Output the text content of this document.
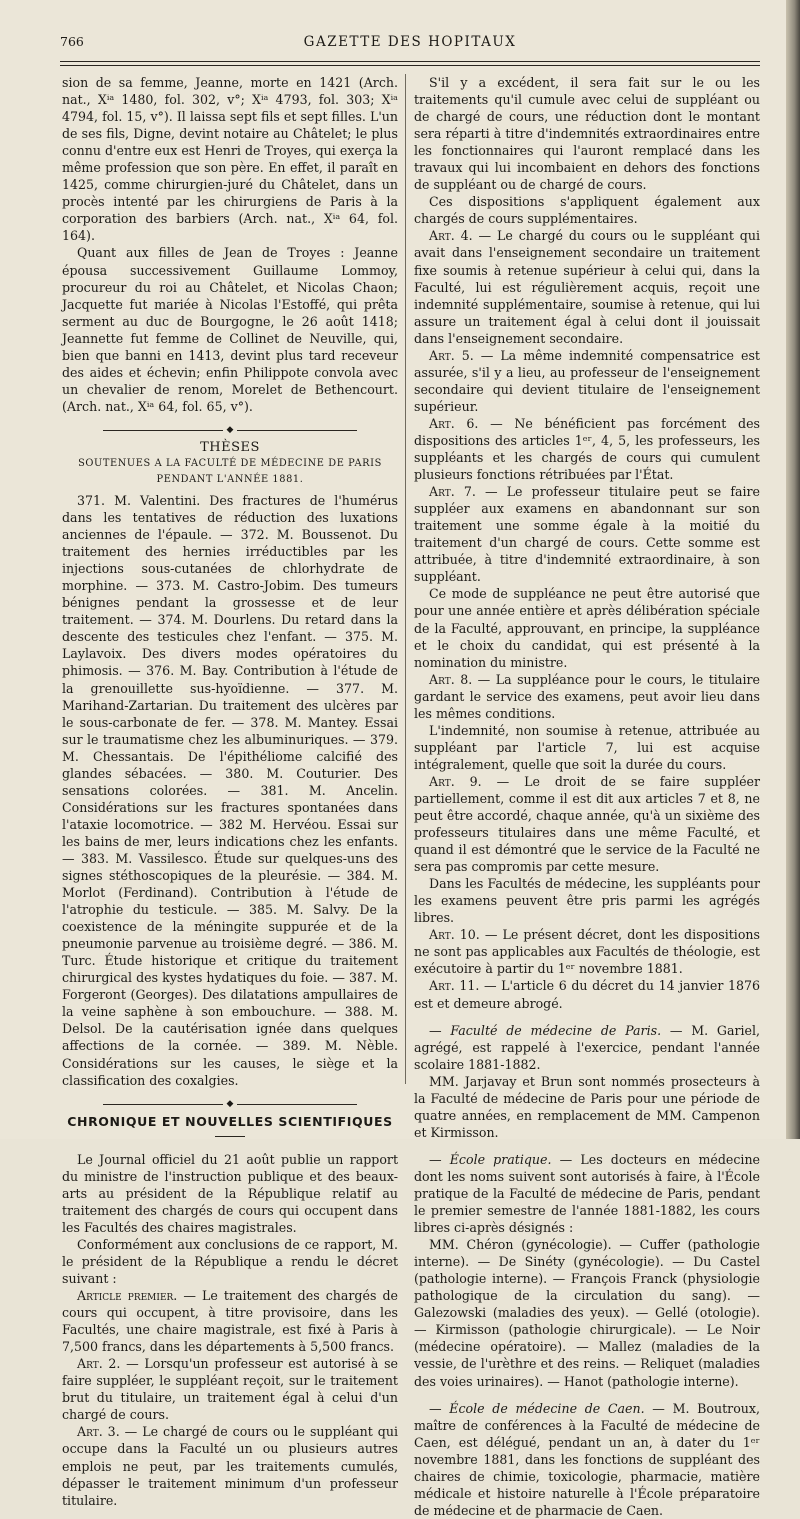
766	GAZETTE DES HOPITAUX

sion de sa femme, Jeanne, morte en 1421 (Arch. nat., Xⁱᵃ 1480, fol. 302, v°; Xⁱᵃ 4793, fol. 303; Xⁱᵃ 4794, fol. 15, v°). Il laissa sept fils et sept filles. L'un de ses fils, Digne, devint notaire au Châtelet; le plus connu d'entre eux est Henri de Troyes, qui exerça la même profession que son père. En effet, il paraît en 1425, comme chirurgien-juré du Châtelet, dans un procès intenté par les chirurgiens de Paris à la corporation des barbiers (Arch. nat., Xⁱᵃ 64, fol. 164).

Quant aux filles de Jean de Troyes : Jeanne épousa successivement Guillaume Lommoy, procureur du roi au Châtelet, et Nicolas Chaon; Jacquette fut mariée à Nicolas l'Estoffé, qui prêta serment au duc de Bourgogne, le 26 août 1418; Jeannette fut femme de Collinet de Neuville, qui, bien que banni en 1413, devint plus tard receveur des aides et échevin; enfin Philippote convola avec un chevalier de renom, Morelet de Bethencourt. (Arch. nat., Xⁱᵃ 64, fol. 65, v°).

◆
THÈSES
SOUTENUES A LA FACULTÉ DE MÉDECINE DE PARIS
PENDANT L'ANNÉE 1881.

371. M. Valentini. Des fractures de l'humérus dans les tentatives de réduction des luxations anciennes de l'épaule. — 372. M. Boussenot. Du traitement des hernies irréductibles par les injections sous-cutanées de chlorhydrate de morphine. — 373. M. Castro-Jobim. Des tumeurs bénignes pendant la grossesse et de leur traitement. — 374. M. Dourlens. Du retard dans la descente des testicules chez l'enfant. — 375. M. Laylavoix. Des divers modes opératoires du phimosis. — 376. M. Bay. Contribution à l'étude de la grenouillette sus-hyoïdienne. — 377. M. Marihand-Zartarian. Du traitement des ulcères par le sous-carbonate de fer. — 378. M. Mantey. Essai sur le traumatisme chez les albuminuriques. — 379. M. Chessantais. De l'épithéliome calcifié des glandes sébacées. — 380. M. Couturier. Des sensations colorées. — 381. M. Ancelin. Considérations sur les fractures spontanées dans l'ataxie locomotrice. — 382 M. Hervéou. Essai sur les bains de mer, leurs indications chez les enfants. — 383. M. Vassilesco. Étude sur quelques-uns des signes stéthoscopiques de la pleurésie. — 384. M. Morlot (Ferdinand). Contribution à l'étude de l'atrophie du testicule. — 385. M. Salvy. De la coexistence de la méningite suppurée et de la pneumonie parvenue au troisième degré. — 386. M. Turc. Étude historique et critique du traitement chirurgical des kystes hydatiques du foie. — 387. M. Forgeront (Georges). Des dilatations ampullaires de la veine saphène à son embouchure. — 388. M. Delsol. De la cautérisation ignée dans quelques affections de la cornée. — 389. M. Nèble. Considérations sur les causes, le siège et la classification des coxalgies.

◆
CHRONIQUE ET NOUVELLES SCIENTIFIQUES

Le Journal officiel du 21 août publie un rapport du ministre de l'instruction publique et des beaux-arts au président de la République relatif au traitement des chargés de cours qui occupent dans les Facultés des chaires magistrales.

Conformément aux conclusions de ce rapport, M. le président de la République a rendu le décret suivant :

Article premier. — Le traitement des chargés de cours qui occupent, à titre provisoire, dans les Facultés, une chaire magistrale, est fixé à Paris à 7,500 francs, dans les départements à 5,500 francs.

Art. 2. — Lorsqu'un professeur est autorisé à se faire suppléer, le suppléant reçoit, sur le traitement brut du titulaire, un traitement égal à celui d'un chargé de cours.

Art. 3. — Le chargé de cours ou le suppléant qui occupe dans la Faculté un ou plusieurs autres emplois ne peut, par les traitements cumulés, dépasser le traitement minimum d'un professeur titulaire.

S'il y a excédent, il sera fait sur le ou les traitements qu'il cumule avec celui de suppléant ou de chargé de cours, une réduction dont le montant sera réparti à titre d'indemnités extraordinaires entre les fonctionnaires qui l'auront remplacé dans les travaux qui lui incombaient en dehors des fonctions de suppléant ou de chargé de cours.

Ces dispositions s'appliquent également aux chargés de cours supplémentaires.

Art. 4. — Le chargé du cours ou le suppléant qui avait dans l'enseignement secondaire un traitement fixe soumis à retenue supérieur à celui qui, dans la Faculté, lui est régulièrement acquis, reçoit une indemnité supplémentaire, soumise à retenue, qui lui assure un traitement égal à celui dont il jouissait dans l'enseignement secondaire.

Art. 5. — La même indemnité compensatrice est assurée, s'il y a lieu, au professeur de l'enseignement secondaire qui devient titulaire de l'enseignement supérieur.

Art. 6. — Ne bénéficient pas forcément des dispositions des articles 1ᵉʳ, 4, 5, les professeurs, les suppléants et les chargés de cours qui cumulent plusieurs fonctions rétribuées par l'État.

Art. 7. — Le professeur titulaire peut se faire suppléer aux examens en abandonnant sur son traitement une somme égale à la moitié du traitement d'un chargé de cours. Cette somme est attribuée, à titre d'indemnité extraordinaire, à son suppléant.

Ce mode de suppléance ne peut être autorisé que pour une année entière et après délibération spéciale de la Faculté, approuvant, en principe, la suppléance et le choix du candidat, qui est présenté à la nomination du ministre.

Art. 8. — La suppléance pour le cours, le titulaire gardant le service des examens, peut avoir lieu dans les mêmes conditions.

L'indemnité, non soumise à retenue, attribuée au suppléant par l'article 7, lui est acquise intégralement, quelle que soit la durée du cours.

Art. 9. — Le droit de se faire suppléer partiellement, comme il est dit aux articles 7 et 8, ne peut être accordé, chaque année, qu'à un sixième des professeurs titulaires dans une même Faculté, et quand il est démontré que le service de la Faculté ne sera pas compromis par cette mesure.

Dans les Facultés de médecine, les suppléants pour les examens peuvent être pris parmi les agrégés libres.

Art. 10. — Le présent décret, dont les dispositions ne sont pas applicables aux Facultés de théologie, est exécutoire à partir du 1ᵉʳ novembre 1881.

Art. 11. — L'article 6 du décret du 14 janvier 1876 est et demeure abrogé.

— Faculté de médecine de Paris. — M. Gariel, agrégé, est rappelé à l'exercice, pendant l'année scolaire 1881-1882.

MM. Jarjavay et Brun sont nommés prosecteurs à la Faculté de médecine de Paris pour une période de quatre années, en remplacement de MM. Campenon et Kirmisson.

— École pratique. — Les docteurs en médecine dont les noms suivent sont autorisés à faire, à l'École pratique de la Faculté de médecine de Paris, pendant le premier semestre de l'année 1881-1882, les cours libres ci-après désignés :

MM. Chéron (gynécologie). — Cuffer (pathologie interne). — De Sinéty (gynécologie). — Du Castel (pathologie interne). — François Franck (physiologie pathologique de la circulation du sang). — Galezowski (maladies des yeux). — Gellé (otologie). — Kirmisson (pathologie chirurgicale). — Le Noir (médecine opératoire). — Mallez (maladies de la vessie, de l'urèthre et des reins. — Reliquet (maladies des voies urinaires). — Hanot (pathologie interne).

— École de médecine de Caen. — M. Boutroux, maître de conférences à la Faculté de médecine de Caen, est délégué, pendant un an, à dater du 1ᵉʳ novembre 1881, dans les fonctions de suppléant des chaires de chimie, toxicologie, pharmacie, matière médicale et histoire naturelle à l'École préparatoire de médecine et de pharmacie de Caen.
